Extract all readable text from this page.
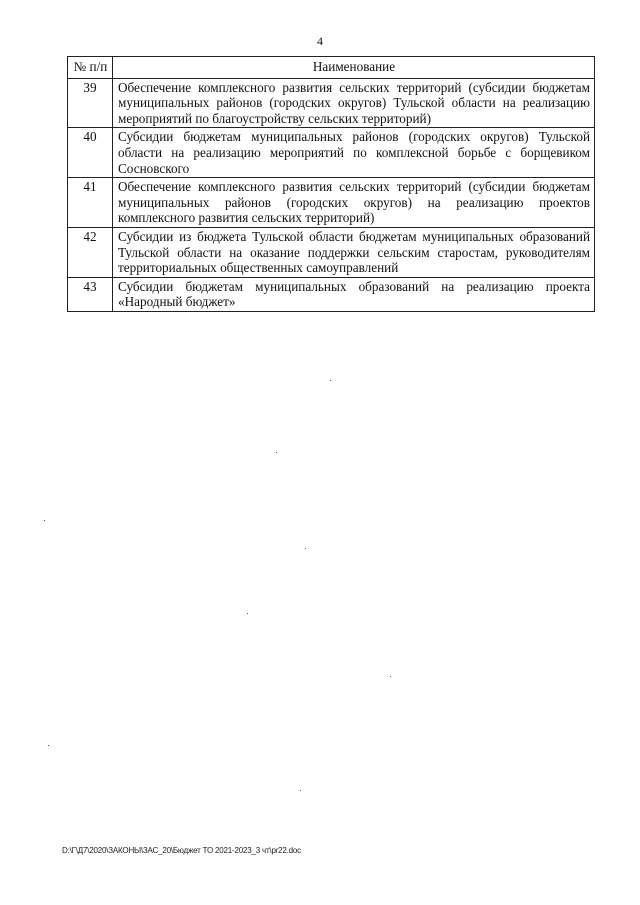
4
№ п/п	Наименование
39	Обеспечение комплексного развития сельских территорий (субсидии бюджетам муниципальных районов (городских округов) Тульской области на реализацию мероприятий по благоустройству сельских территорий)
40	Субсидии бюджетам муниципальных районов (городских округов) Тульской области на реализацию мероприятий по комплексной борьбе с борщевиком Сосновского
41	Обеспечение комплексного развития сельских территорий (субсидии бюджетам муниципальных районов (городских округов) на реализацию проектов комплексного развития сельских территорий)
42	Субсидии из бюджета Тульской области бюджетам муниципальных образований Тульской области на оказание поддержки сельским старостам, руководителям территориальных общественных самоуправлений
43	Субсидии бюджетам муниципальных образований на реализацию проекта «Народный бюджет»
D:\Г\Д7\2020\ЗАКОНЫ\ЗАС_20\Бюджет ТО 2021-2023_3 чт\pr22.doc
